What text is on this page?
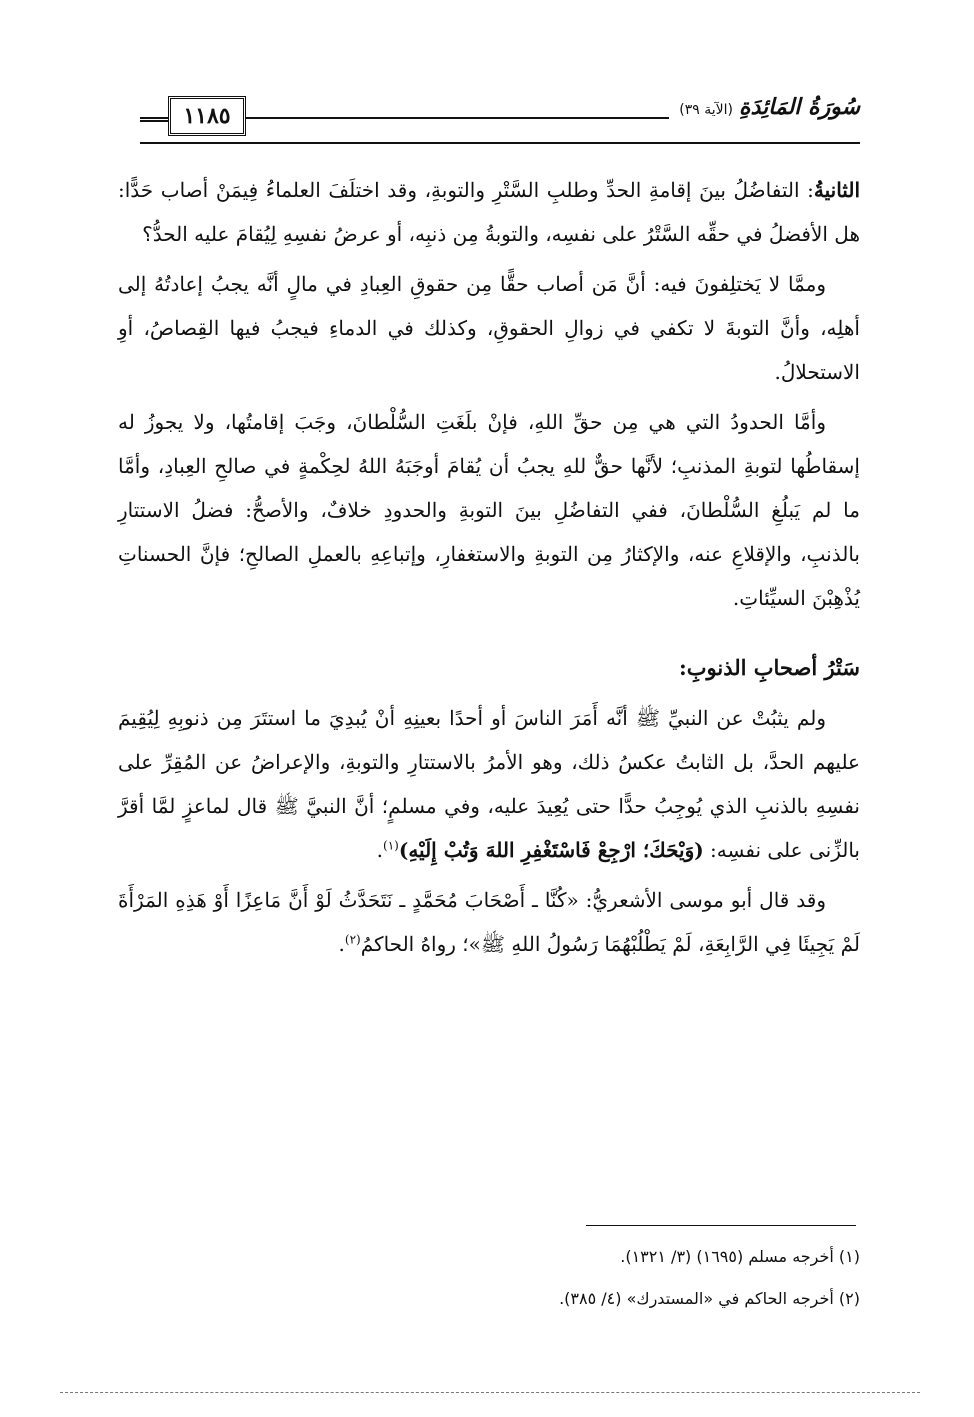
١١٨٥	سُورَةُ المَائِدَةِ(الآية ٣٩)

الثانيةُ: التفاضُلُ بينَ إقامةِ الحدِّ وطلبِ السَّتْرِ والتوبةِ، وقد اختلَفَ العلماءُ فِيمَنْ أصاب حَدًّا: هل الأفضلُ في حقِّه السَّتْرُ على نفسِه، والتوبةُ مِن ذنبِه، أو عرضُ نفسِهِ لِيُقامَ عليه الحدُّ؟

وممَّا لا يَختلِفونَ فيه: أنَّ مَن أصاب حقًّا مِن حقوقِ العِبادِ في مالٍ أنَّه يجبُ إعادتُهُ إلى أهلِه، وأنَّ التوبةَ لا تكفي في زوالِ الحقوقِ، وكذلك في الدماءِ فيجبُ فيها القِصاصُ، أوِ الاستحلالُ.

وأمَّا الحدودُ التي هي مِن حقِّ اللهِ، فإنْ بلَغَتِ السُّلْطانَ، وجَبَ إقامتُها، ولا يجوزُ له إسقاطُها لتوبةِ المذنبِ؛ لأنَّها حقٌّ للهِ يجبُ أن يُقامَ أوجَبَهُ اللهُ لحِكْمةٍ في صالحِ العِبادِ، وأمَّا ما لم يَبلُغِ السُّلْطانَ، ففي التفاضُلِ بينَ التوبةِ والحدودِ خلافٌ، والأصحُّ: فضلُ الاستتارِ بالذنبِ، والإقلاعِ عنه، والإكثارُ مِن التوبةِ والاستغفارِ، وإتباعِهِ بالعملِ الصالحِ؛ فإنَّ الحسناتِ يُذْهِبْنَ السيِّئاتِ.

سَتْرُ أصحابِ الذنوبِ:

ولم يثبُتْ عن النبيِّ ﷺ أنَّه أَمَرَ الناسَ أو أحدًا بعينِهِ أنْ يُبدِيَ ما استتَرَ مِن ذنوبِهِ لِيُقِيمَ عليهم الحدَّ، بل الثابتُ عكسُ ذلك، وهو الأمرُ بالاستتارِ والتوبةِ، والإعراضُ عن المُقِرِّ على نفسِهِ بالذنبِ الذي يُوجِبُ حدًّا حتى يُعِيدَ عليه، وفي مسلمٍ؛ أنَّ النبيَّ ﷺ قال لماعزٍ لمَّا أقرَّ بالزِّنى على نفسِه: (وَيْحَكَ؛ ارْجِعْ فَاسْتَغْفِرِ اللهَ وَتُبْ إِلَيْهِ)$^{(١)}$.

وقد قال أبو موسى الأشعريُّ: «كُنَّا ـ أَصْحَابَ مُحَمَّدٍ ـ نَتَحَدَّثُ لَوْ أَنَّ مَاعِزًا أَوْ هَذِهِ المَرْأَةَ لَمْ يَجِيئَا فِي الرَّابِعَةِ، لَمْ يَطْلُبْهُمَا رَسُولُ اللهِ ﷺ»؛ رواهُ الحاكمُ$^{(٢)}$.

(١) أخرجه مسلم (١٦٩٥) (٣/ ١٣٢١).

(٢) أخرجه الحاكم في «المستدرك» (٤/ ٣٨٥).
